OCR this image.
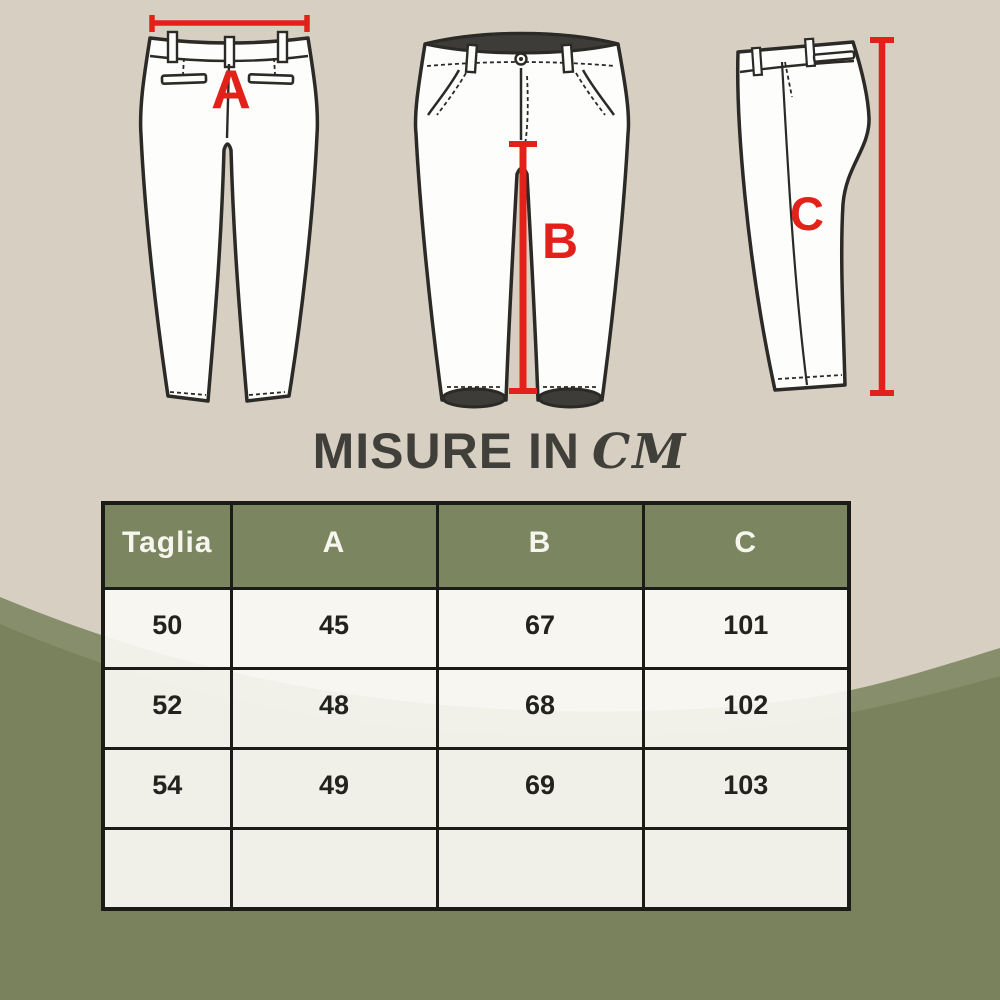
A
B	C
MISURE IN CM
Taglia	A	B	C
50	45	67	101
52	48	68	102
54	49	69	103
